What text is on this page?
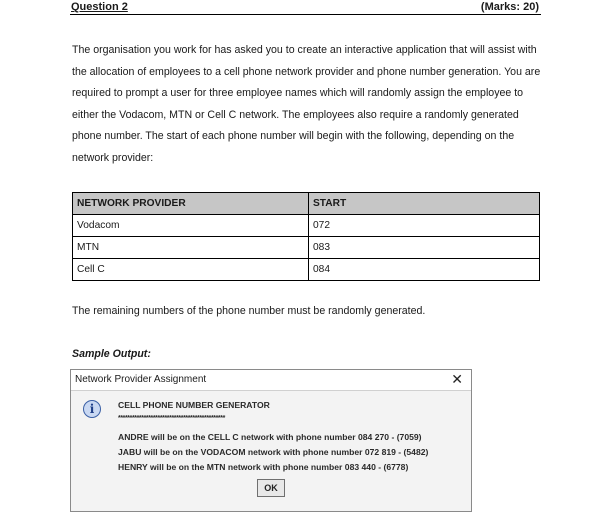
Question 2	(Marks: 20)
The organisation you work for has asked you to create an interactive application that will assist with the allocation of employees to a cell phone network provider and phone number generation. You are required to prompt a user for three employee names which will randomly assign the employee to either the Vodacom, MTN or Cell C network. The employees also require a randomly generated phone number. The start of each phone number will begin with the following, depending on the network provider:
NETWORK PROVIDER	START
Vodacom	072
MTN	083
Cell C	084
The remaining numbers of the phone number must be randomly generated.
Sample Output:
Network Provider Assignment	✕
i	CELL PHONE NUMBER GENERATOR
**********************************************
ANDRE will be on the CELL C network with phone number 084 270 - (7059)
JABU will be on the VODACOM network with phone number 072 819 - (5482)
HENRY will be on the MTN network with phone number 083 440 - (6778)
OK
